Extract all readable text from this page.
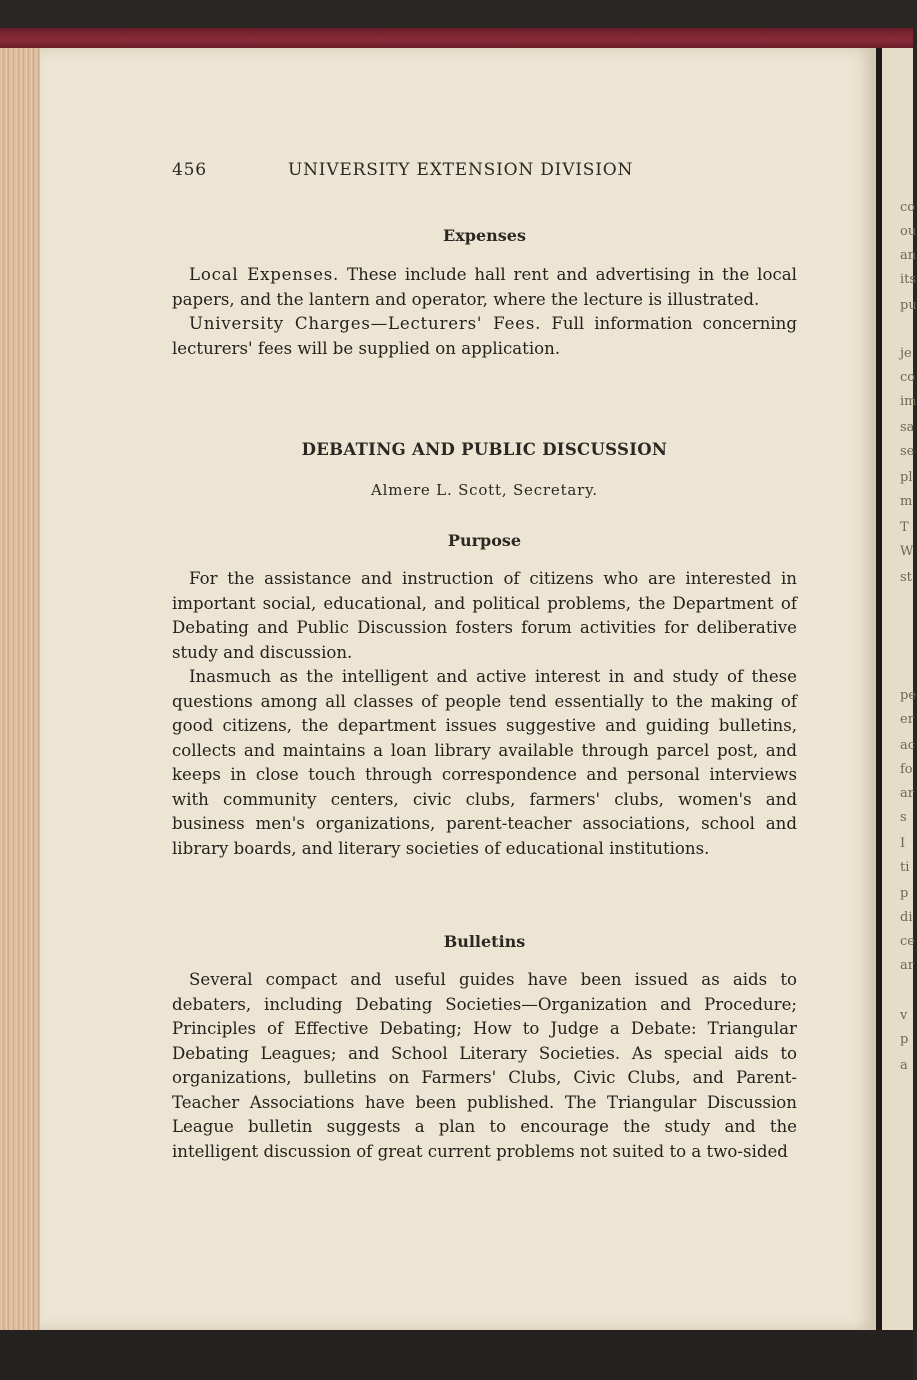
co
ou
an
its
pu
je
co
im
sa
se
pl
m
T
W
st
pe
er
ac
fo
ar
s
I
ti
p
di
ce
ar
v
p
a
456	UNIVERSITY EXTENSION DIVISION
Expenses

Local Expenses. These include hall rent and advertising in the local papers, and the lantern and operator, where the lecture is illustrated.

University Charges—Lecturers' Fees. Full information concerning lecturers' fees will be supplied on application.

DEBATING AND PUBLIC DISCUSSION
Almere L. Scott, Secretary.
Purpose

For the assistance and instruction of citizens who are interested in important social, educational, and political problems, the Department of Debating and Public Discussion fosters forum activities for deliberative study and discussion.

Inasmuch as the intelligent and active interest in and study of these questions among all classes of people tend essentially to the making of good citizens, the department issues suggestive and guiding bulletins, collects and maintains a loan library available through parcel post, and keeps in close touch through correspondence and personal interviews with community centers, civic clubs, farmers' clubs, women's and business men's organizations, parent-teacher associations, school and library boards, and literary societies of educational institutions.

Bulletins

Several compact and useful guides have been issued as aids to debaters, including Debating Societies—Organization and Procedure; Principles of Effective Debating; How to Judge a Debate: Triangular Debating Leagues; and School Literary Societies. As special aids to organizations, bulletins on Farmers' Clubs, Civic Clubs, and Parent-Teacher Associations have been published. The Triangular Discussion League bulletin suggests a plan to encourage the study and the intelligent discussion of great current problems not suited to a two-sided
